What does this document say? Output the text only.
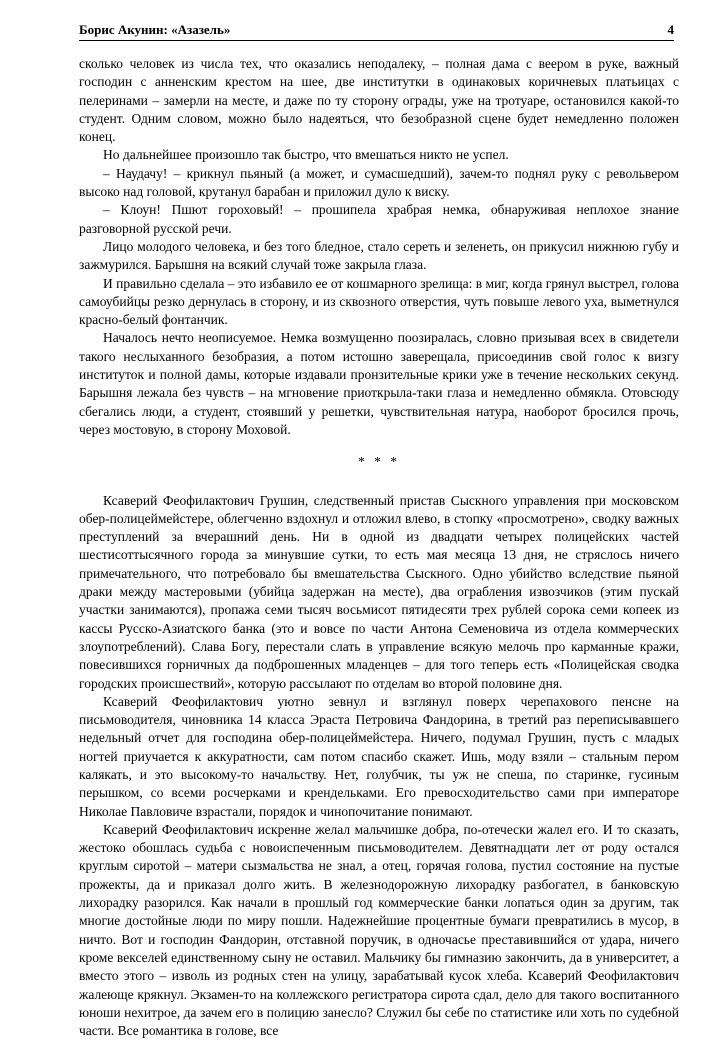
Борис Акунин: «Азазель»	4

сколько человек из числа тех, что оказались неподалеку, – полная дама с веером в руке, важный господин с анненским крестом на шее, две институтки в одинаковых коричневых платьицах с пелеринами – замерли на месте, и даже по ту сторону ограды, уже на тротуаре, остановился какой-то студент. Одним словом, можно было надеяться, что безобразной сцене будет немедленно положен конец.

Но дальнейшее произошло так быстро, что вмешаться никто не успел.

– Наудачу! – крикнул пьяный (а может, и сумасшедший), зачем-то поднял руку с револьвером высоко над головой, крутанул барабан и приложил дуло к виску.

– Клоун! Пшют гороховый! – прошипела храбрая немка, обнаруживая неплохое знание разговорной русской речи.

Лицо молодого человека, и без того бледное, стало сереть и зеленеть, он прикусил нижнюю губу и зажмурился. Барышня на всякий случай тоже закрыла глаза.

И правильно сделала – это избавило ее от кошмарного зрелища: в миг, когда грянул выстрел, голова самоубийцы резко дернулась в сторону, и из сквозного отверстия, чуть повыше левого уха, выметнулся красно-белый фонтанчик.

Началось нечто неописуемое. Немка возмущенно поозиралась, словно призывая всех в свидетели такого неслыханного безобразия, а потом истошно заверещала, присоединив свой голос к визгу институток и полной дамы, которые издавали пронзительные крики уже в течение нескольких секунд. Барышня лежала без чувств – на мгновение приоткрыла-таки глаза и немедленно обмякла. Отовсюду сбегались люди, а студент, стоявший у решетки, чувствительная натура, наоборот бросился прочь, через мостовую, в сторону Моховой.

* * *

Ксаверий Феофилактович Грушин, следственный пристав Сыскного управления при московском обер-полицеймейстере, облегченно вздохнул и отложил влево, в стопку «просмотрено», сводку важных преступлений за вчерашний день. Ни в одной из двадцати четырех полицейских частей шестисоттысячного города за минувшие сутки, то есть мая месяца 13 дня, не стряслось ничего примечательного, что потребовало бы вмешательства Сыскного. Одно убийство вследствие пьяной драки между мастеровыми (убийца задержан на месте), два ограбления извозчиков (этим пускай участки занимаются), пропажа семи тысяч восьмисот пятидесяти трех рублей сорока семи копеек из кассы Русско-Азиатского банка (это и вовсе по части Антона Семеновича из отдела коммерческих злоупотреблений). Слава Богу, перестали слать в управление всякую мелочь про карманные кражи, повесившихся горничных да подброшенных младенцев – для того теперь есть «Полицейская сводка городских происшествий», которую рассылают по отделам во второй половине дня.

Ксаверий Феофилактович уютно зевнул и взглянул поверх черепахового пенсне на письмоводителя, чиновника 14 класса Эраста Петровича Фандорина, в третий раз переписывавшего недельный отчет для господина обер-полицеймейстера. Ничего, подумал Грушин, пусть с младых ногтей приучается к аккуратности, сам потом спасибо скажет. Ишь, моду взяли – стальным пером калякать, и это высокому-то начальству. Нет, голубчик, ты уж не спеша, по старинке, гусиным перышком, со всеми росчерками и крендельками. Его превосходительство сами при императоре Николае Павловиче взрастали, порядок и чинопочитание понимают.

Ксаверий Феофилактович искренне желал мальчишке добра, по-отечески жалел его. И то сказать, жестоко обошлась судьба с новоиспеченным письмоводителем. Девятнадцати лет от роду остался круглым сиротой – матери сызмальства не знал, а отец, горячая голова, пустил состояние на пустые прожекты, да и приказал долго жить. В железнодорожную лихорадку разбогател, в банковскую лихорадку разорился. Как начали в прошлый год коммерческие банки лопаться один за другим, так многие достойные люди по миру пошли. Надежнейшие процентные бумаги превратились в мусор, в ничто. Вот и господин Фандорин, отставной поручик, в одночасье преставившийся от удара, ничего кроме векселей единственному сыну не оставил. Мальчику бы гимназию закончить, да в университет, а вместо этого – изволь из родных стен на улицу, зарабатывай кусок хлеба. Ксаверий Феофилактович жалеюще крякнул. Экзамен-то на коллежского регистратора сирота сдал, дело для такого воспитанного юноши нехитрое, да зачем его в полицию занесло? Служил бы себе по статистике или хоть по судебной части. Все романтика в голове, все
